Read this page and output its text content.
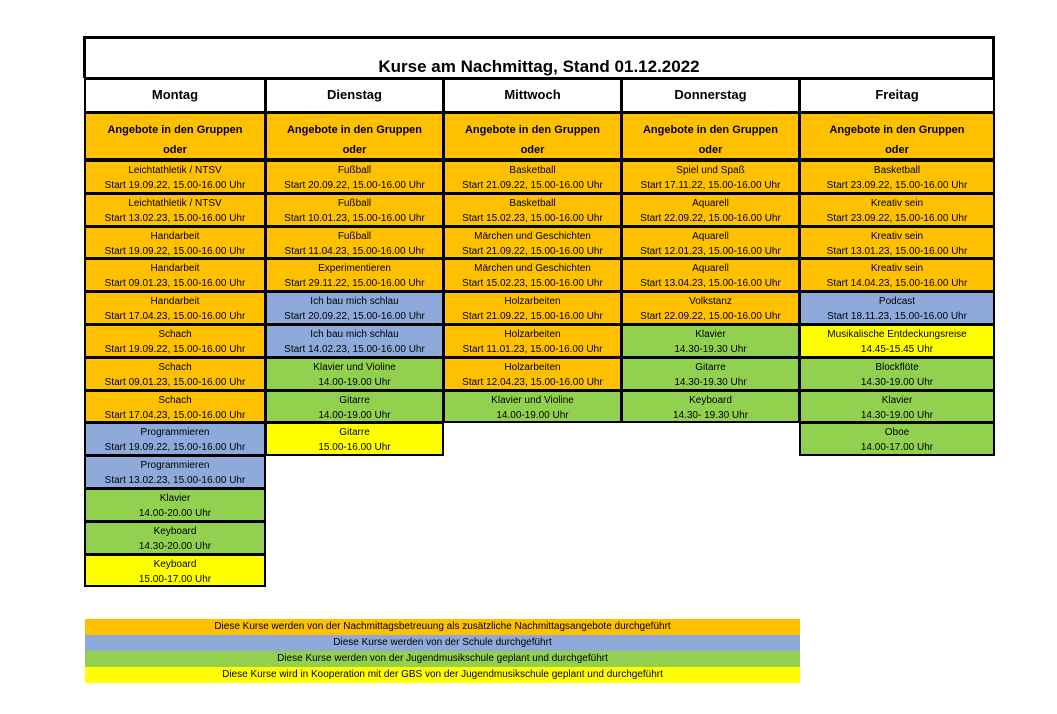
Kurse am Nachmittag, Stand 01.12.2022
Montag
Angebote in den Gruppen
oder
Leichtathletik / NTSV
Start 19.09.22, 15.00-16.00 Uhr
Leichtathletik / NTSV
Start 13.02.23, 15.00-16.00 Uhr
Handarbeit
Start 19.09.22, 15.00-16.00 Uhr
Handarbeit
Start 09.01.23, 15.00-16.00 Uhr
Handarbeit
Start 17.04.23, 15.00-16.00 Uhr
Schach
Start 19.09.22, 15.00-16.00 Uhr
Schach
Start 09.01.23, 15.00-16.00 Uhr
Schach
Start 17.04.23, 15.00-16.00 Uhr
Programmieren
Start 19.09.22, 15.00-16.00 Uhr
Programmieren
Start 13.02.23, 15.00-16.00 Uhr
Klavier
14.00-20.00 Uhr
Keyboard
14.30-20.00 Uhr
Keyboard
15.00-17.00 Uhr
Dienstag
Angebote in den Gruppen
oder
Fußball
Start 20.09.22, 15.00-16.00 Uhr
Fußball
Start 10.01.23, 15.00-16.00 Uhr
Fußball
Start 11.04.23, 15.00-16.00 Uhr
Experimentieren
Start 29.11.22, 15.00-16.00 Uhr
Ich bau mich schlau
Start 20.09.22, 15.00-16.00 Uhr
Ich bau mich schlau
Start 14.02.23, 15.00-16.00 Uhr
Klavier und Violine
14.00-19.00 Uhr
Gitarre
14.00-19.00 Uhr
Gitarre
15.00-16.00 Uhr
Mittwoch
Angebote in den Gruppen
oder
Basketball
Start 21.09.22, 15.00-16.00 Uhr
Basketball
Start 15.02.23, 15.00-16.00 Uhr
Märchen und Geschichten
Start 21.09.22, 15.00-16.00 Uhr
Märchen und Geschichten
Start 15.02.23, 15.00-16.00 Uhr
Holzarbeiten
Start 21.09.22, 15.00-16.00 Uhr
Holzarbeiten
Start 11.01.23, 15.00-16.00 Uhr
Holzarbeiten
Start 12.04.23, 15.00-16.00 Uhr
Klavier und Violine
14.00-19.00 Uhr
Donnerstag
Angebote in den Gruppen
oder
Spiel und Spaß
Start 17.11.22, 15.00-16.00 Uhr
Aquarell
Start 22.09.22, 15.00-16.00 Uhr
Aquarell
Start 12.01.23, 15.00-16.00 Uhr
Aquarell
Start 13.04.23, 15.00-16.00 Uhr
Volkstanz
Start 22.09.22, 15.00-16.00 Uhr
Klavier
14.30-19.30 Uhr
Gitarre
14.30-19.30 Uhr
Keyboard
14.30- 19.30 Uhr
Freitag
Angebote in den Gruppen
oder
Basketball
Start 23.09.22, 15.00-16.00 Uhr
Kreativ sein
Start 23.09.22, 15.00-16.00 Uhr
Kreativ sein
Start 13.01.23, 15.00-16.00 Uhr
Kreativ sein
Start 14.04.23, 15.00-16.00 Uhr
Podcast
Start 18.11.23, 15.00-16.00 Uhr
Musikalische Entdeckungsreise
14.45-15.45 Uhr
Blockflöte
14.30-19.00 Uhr
Klavier
14.30-19.00 Uhr
Oboe
14.00-17.00 Uhr
Diese Kurse werden von der Nachmittagsbetreuung als zusätzliche Nachmittagsangebote durchgeführt
Diese Kurse werden von der Schule durchgeführt
Diese Kurse werden von der Jugendmusikschule geplant und durchgeführt
Diese Kurse wird in Kooperation mit der GBS von der Jugendmusikschule geplant und durchgeführt
